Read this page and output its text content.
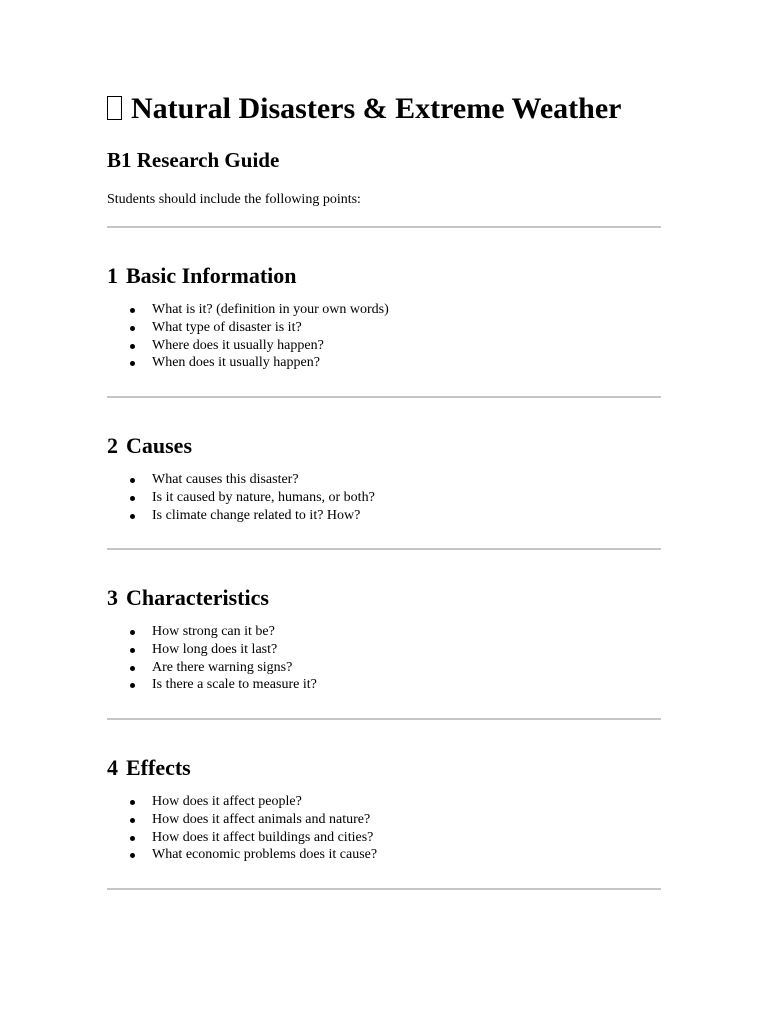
Natural Disasters & Extreme Weather
B1 Research Guide

Students should include the following points:

1 Basic Information
What is it? (definition in your own words)
What type of disaster is it?
Where does it usually happen?
When does it usually happen?
2 Causes
What causes this disaster?
Is it caused by nature, humans, or both?
Is climate change related to it? How?
3 Characteristics
How strong can it be?
How long does it last?
Are there warning signs?
Is there a scale to measure it?
4 Effects
How does it affect people?
How does it affect animals and nature?
How does it affect buildings and cities?
What economic problems does it cause?
